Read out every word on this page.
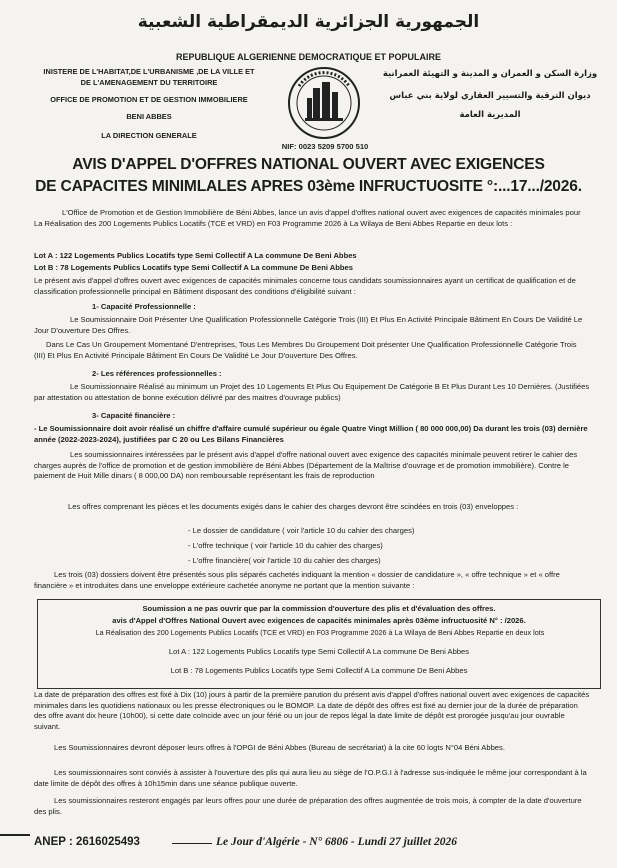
الجمهورية الجزائرية الديمقراطية الشعبية
REPUBLIQUE ALGERIENNE DEMOCRATIQUE ET POPULAIRE
INISTERE DE L'HABITAT,DE L'URBANISME ,DE LA VILLE ET
DE L'AMENAGEMENT DU TERRITOIRE
OFFICE DE PROMOTION ET DE GESTION IMMOBILIERE
BENI ABBES
LA DIRECTION GENERALE
وزارة السكن و العمران و المدينة و التهيئة العمرانية
ديوان الترقية والتسيير العقاري لولاية بني عباس
المديرية العامة
NIF: 0023 5209 5700 510
AVIS D'APPEL D'OFFRES NATIONAL OUVERT AVEC EXIGENCES
DE CAPACITES MINIMLALES APRES 03ème INFRUCTUOSITE °:...17.../2026.
L'Office de Promotion et de Gestion Immobilière de Béni Abbes, lance un avis d'appel d'offres national ouvert avec exigences de capacités minimales pour La Réalisation des 200 Logements Publics Locatifs (TCE et VRD) en F03 Programme 2026 à La Wilaya de Beni Abbes Repartie en deux lots :
Lot A : 122 Logements Publics Locatifs type Semi Collectif A La commune De Beni Abbes
Lot B : 78 Logements Publics Locatifs type Semi Collectif A La commune De Beni Abbes
Le présent avis d'appel d'offres ouvert avec exigences de capacités minimales concerne tous candidats soumissionnaires ayant un certificat de qualification et de classification professionnelle principal en Bâtiment disposant des conditions d'éligibilité suivant :
1- Capacité Professionnelle :
Le Soumissionnaire Doit Présenter Une Qualification Professionnelle Catégorie Trois (III) Et Plus En Activité Principale Bâtiment En Cours De Validité Le Jour D'ouverture Des Offres.
Dans Le Cas Un Groupement Momentané D'entreprises, Tous Les Membres Du Groupement Doit présenter Une Qualification Professionnelle Catégorie Trois (III) Et Plus En Activité Principale Bâtiment En Cours De Validité Le Jour D'ouverture Des Offres.
2- Les références professionnelles :
Le Soumissionnaire Réalisé au minimum un Projet des 10 Logements Et Plus Ou Equipement De Catégorie B Et Plus Durant Les 10 Dernières. (Justifiées par attestation ou attestation de bonne exécution délivré par des maitres d'ouvrage publics)
3- Capacité financière :
- Le Soumissionnaire doit avoir réalisé un chiffre d'affaire cumulé supérieur ou égale Quatre Vingt Million ( 80 000 000,00) Da durant les trois (03) dernière année (2022-2023-2024), justifiées par C 20 ou Les Bilans Financières
Les soumissionnaires intéressées par le présent avis d'appel d'offre national ouvert avec exigence des capacités minimale peuvent retirer le cahier des charges auprès de l'office de promotion et de gestion immobilière de Béni Abbes (Département de la Maîtrise d'ouvrage et de promotion immobilière). Contre le paiement de Huit Mille dinars ( 8 000,00 DA) non remboursable représentant les frais de reproduction
Les offres comprenant les pièces et les documents exigés dans le cahier des charges devront être scindées en trois (03) enveloppes :
- Le dossier de candidature ( voir l'article 10 du cahier des charges)
- L'offre technique ( voir l'article 10 du cahier des charges)
- L'offre financière( voir l'article 10 du cahier des charges)
Les trois (03) dossiers doivent être présentés sous plis séparés cachetés indiquant la mention « dossier de candidature », « offre technique » et « offre financière » et introduites dans une enveloppe extérieure cachetée anonyme ne portant que la mention suivante :
Soumission a ne pas ouvrir que par la commission d'ouverture des plis et d'évaluation des offres.
avis d'Appel d'Offres National Ouvert avec exigences de capacités minimales après 03ème infructuosité N° : /2026.
La Réalisation des 200 Logements Publics Locatifs (TCE et VRD) en F03 Programme 2026 à La Wilaya de Beni Abbes Repartie en deux lots
Lot A : 122 Logements Publics Locatifs type Semi Collectif A La commune De Beni Abbes
Lot B : 78 Logements Publics Locatifs type Semi Collectif A La commune De Beni Abbes
La date de préparation des offres est fixé à Dix (10) jours à partir de la première parution du présent avis d'appel d'offres national ouvert avec exigences de capacités minimales dans les quotidiens nationaux ou les presse électroniques ou le BOMOP. La date de dépôt des offres est fixé au dernier jour de la durée de préparation des offre avant dix heure (10h00), si cette date coïncide avec un jour férié ou un jour de repos légal la date limite de dépôt est prorogée jusqu'au jour ouvrable suivant.
Les Soumissionnaires devront déposer leurs offres à l'OPGI de Béni Abbes (Bureau de secrétariat) à la cite 60 logts N°04 Béni Abbes.
Les soumissionnaires sont conviés à assister à l'ouverture des plis qui aura lieu au siège de l'O.P.G.I à l'adresse sus-indiquée le même jour correspondant à la date limite de dépôt des offres à 10h15min dans une séance publique ouverte.
Les soumissionnaires resteront engagés par leurs offres pour une durée de préparation des offres augmentée de trois mois, à compter de la date d'ouverture des plis.
ANEP : 2616025493	Le Jour d'Algérie - N° 6806 - Lundi 27 juillet 2026
